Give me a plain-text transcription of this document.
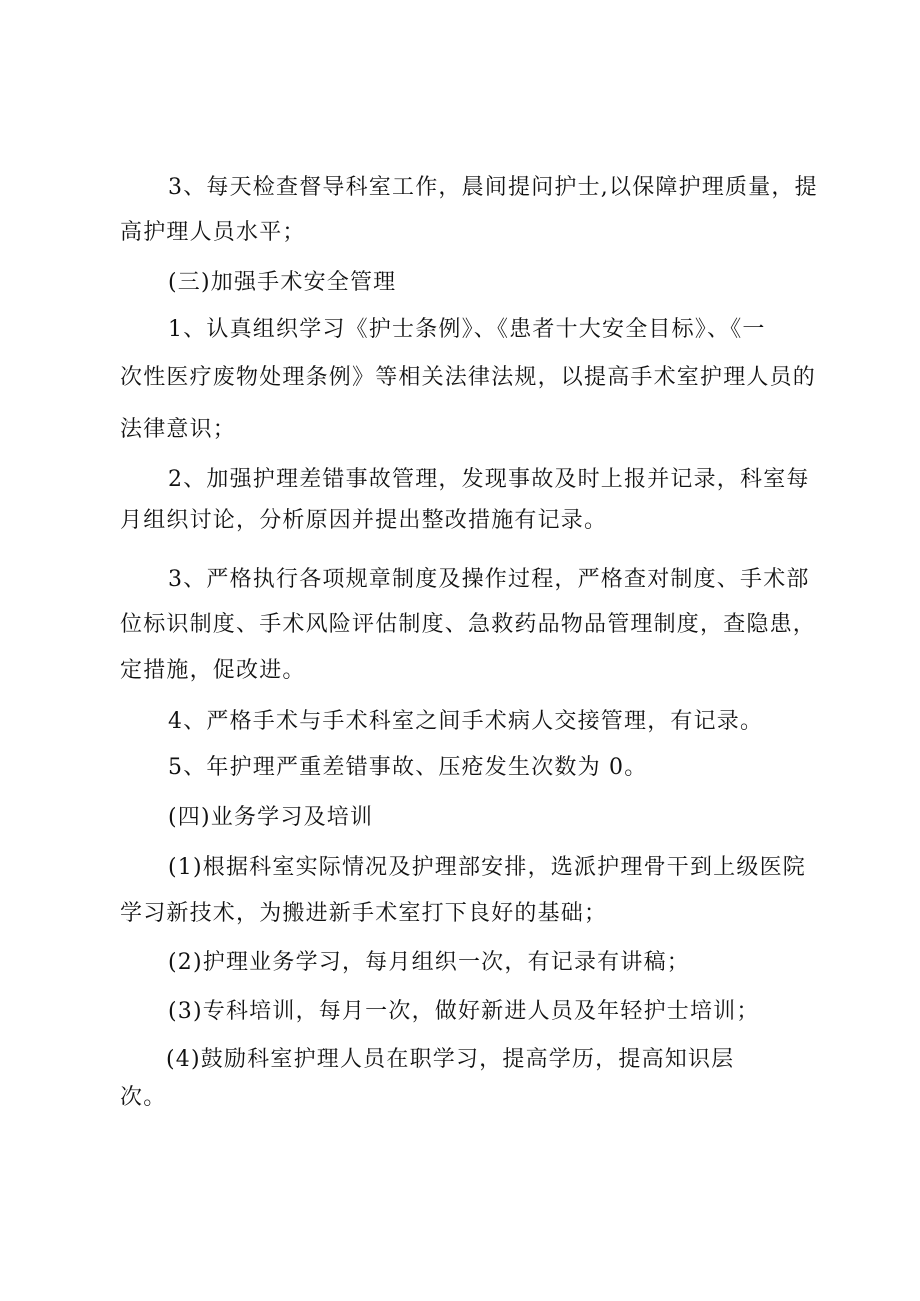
3、每天检查督导科室工作，晨间提问护士,以保障护理质量，提
高护理人员水平；
(三)加强手术安全管理
1、认真组织学习《护士条例》、《患者十大安全目标》、《一
次性医疗废物处理条例》等相关法律法规，以提高手术室护理人员的
法律意识；
2、加强护理差错事故管理，发现事故及时上报并记录，科室每
月组织讨论，分析原因并提出整改措施有记录。
3、严格执行各项规章制度及操作过程，严格查对制度、手术部
位标识制度、手术风险评估制度、急救药品物品管理制度，查隐患，
定措施，促改进。
4、严格手术与手术科室之间手术病人交接管理，有记录。
5、年护理严重差错事故、压疮发生次数为 0。
(四)业务学习及培训
(1)根据科室实际情况及护理部安排，选派护理骨干到上级医院
学习新技术，为搬进新手术室打下良好的基础；
(2)护理业务学习，每月组织一次，有记录有讲稿；
(3)专科培训，每月一次，做好新进人员及年轻护士培训；
(4)鼓励科室护理人员在职学习，提高学历，提高知识层
次。
